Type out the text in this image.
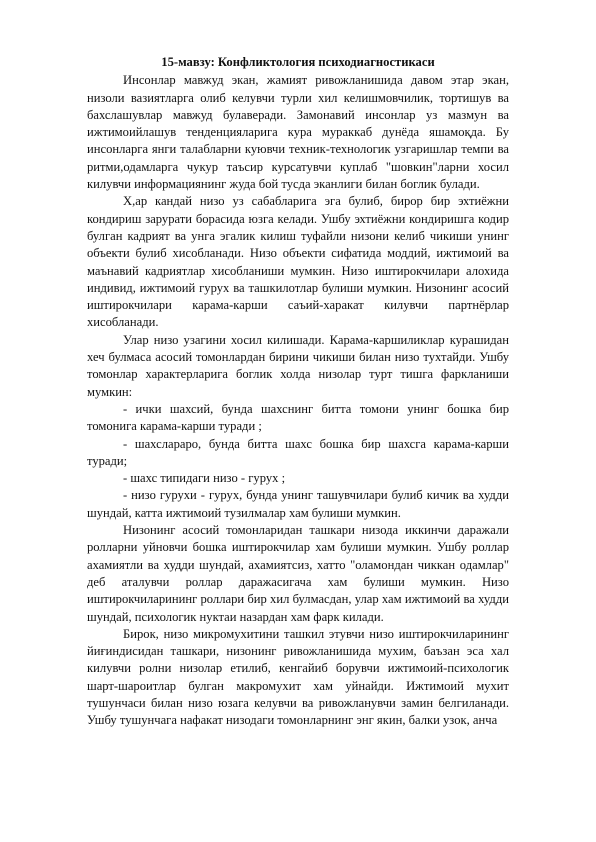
15-мавзу: Конфликтология психодиагностикаси

Инсонлар мавжуд экан, жамият ривожланишида давом этар экан, низоли вазиятларга олиб келувчи турли хил келишмовчилик, тортишув ва бахслашувлар мавжуд булаверади. Замонавий инсонлар уз мазмун ва ижтимоийлашув тенденцияларига кура мураккаб дунёда яшамоқда. Бу инсонларга янги талабларни куювчи техник-технологик узгаришлар темпи ва ритми,одамларга чукур таъсир курсатувчи куплаб "шовкин"ларни хосил килувчи информациянинг жуда бой тусда эканлиги билан боглик булади.

Х,ар кандай низо уз сабабларига эга булиб, бирор бир эхтиёжни кондириш зарурати борасида юзга келади. Ушбу эхтиёжни кондиришга кодир булган кадрият ва унга эгалик килиш туфайли низони келиб чикиши унинг объекти булиб хисобланади. Низо объекти сифатида моддий, ижтимоий ва маънавий кадриятлар хисобланиши мумкин. Низо иштирокчилари алохида индивид, ижтимоий гурух ва ташкилотлар булиши мумкин. Низонинг асосий иштирокчилари карама-карши саъий-харакат килувчи партнёрлар хисобланади.

Улар низо узагини хосил килишади. Карама-каршиликлар курашидан хеч булмаса асосий томонлардан бирини чикиши билан низо тухтайди. Ушбу томонлар характерларига боглик холда низолар турт тишга фаркланиши мумкин:

- ички шахсий, бунда шахснинг битта томони унинг бошка бир томонига карама-карши туради ;

- шахслараро, бунда битта шахс бошка бир шахсга карама-карши туради;

- шахс типидаги низо - гурух ;

- низо гурухи - гурух, бунда унинг ташувчилари булиб кичик ва худди шундай, катта ижтимоий тузилмалар хам булиши мумкин.

Низонинг асосий томонларидан ташкари низода иккинчи даражали ролларни уйновчи бошка иштирокчилар хам булиши мумкин. Ушбу роллар ахамиятли ва худди шундай, ахамиятсиз, хатто "оламондан чиккан одамлар" деб аталувчи роллар даражасигача хам булиши мумкин. Низо иштирокчиларининг роллари бир хил булмасдан, улар хам ижтимоий ва худди шундай, психологик нуктаи назардан хам фарк килади.

Бирок, низо микромухитини ташкил этувчи низо иштирокчиларининг йиғиндисидан ташкари, низонинг ривожланишида мухим, баъзан эса хал килувчи ролни низолар етилиб, кенгайиб борувчи ижтимоий-психологик шарт-шароитлар булган макромухит хам уйнайди. Ижтимоий мухит тушунчаси билан низо юзага келувчи ва ривожланувчи замин белгиланади. Ушбу тушунчага нафакат низодаги томонларнинг энг якин, балки узок, анча
